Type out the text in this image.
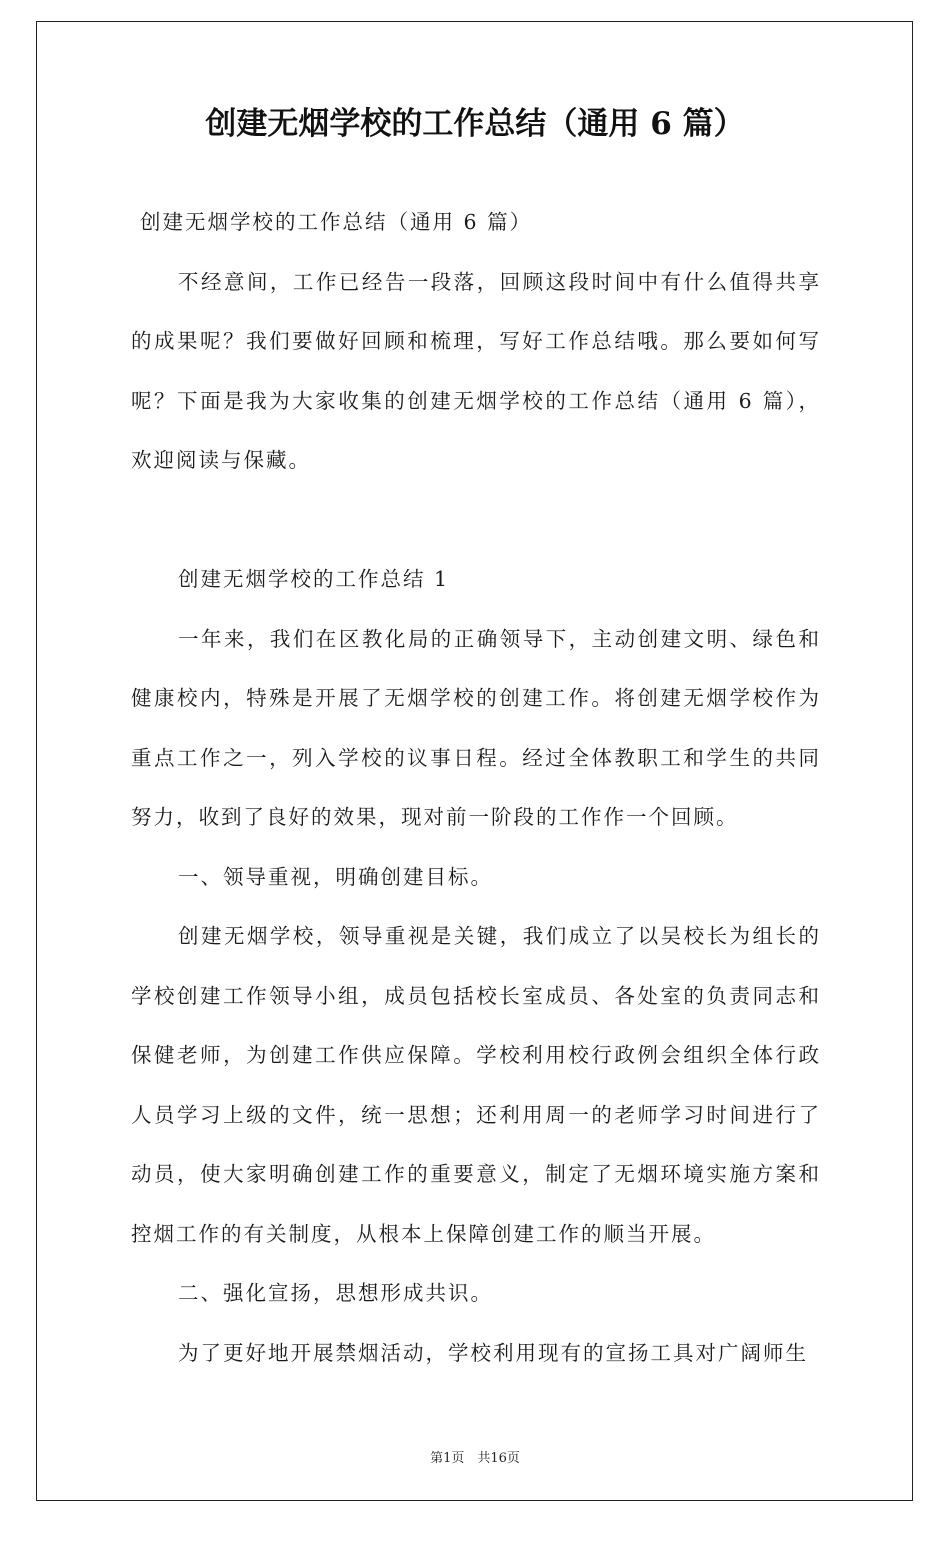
创建无烟学校的工作总结（通用 6 篇）

创建无烟学校的工作总结（通用 6 篇）

不经意间，工作已经告一段落，回顾这段时间中有什么值得共享的成果呢？我们要做好回顾和梳理，写好工作总结哦。那么要如何写呢？下面是我为大家收集的创建无烟学校的工作总结（通用 6 篇），欢迎阅读与保藏。

创建无烟学校的工作总结 1

一年来，我们在区教化局的正确领导下，主动创建文明、绿色和健康校内，特殊是开展了无烟学校的创建工作。将创建无烟学校作为重点工作之一，列入学校的议事日程。经过全体教职工和学生的共同努力，收到了良好的效果，现对前一阶段的工作作一个回顾。

一、领导重视，明确创建目标。

创建无烟学校，领导重视是关键，我们成立了以吴校长为组长的学校创建工作领导小组，成员包括校长室成员、各处室的负责同志和保健老师，为创建工作供应保障。学校利用校行政例会组织全体行政人员学习上级的文件，统一思想；还利用周一的老师学习时间进行了动员，使大家明确创建工作的重要意义，制定了无烟环境实施方案和控烟工作的有关制度，从根本上保障创建工作的顺当开展。

二、强化宣扬，思想形成共识。

为了更好地开展禁烟活动，学校利用现有的宣扬工具对广阔师生

第1页　共16页
